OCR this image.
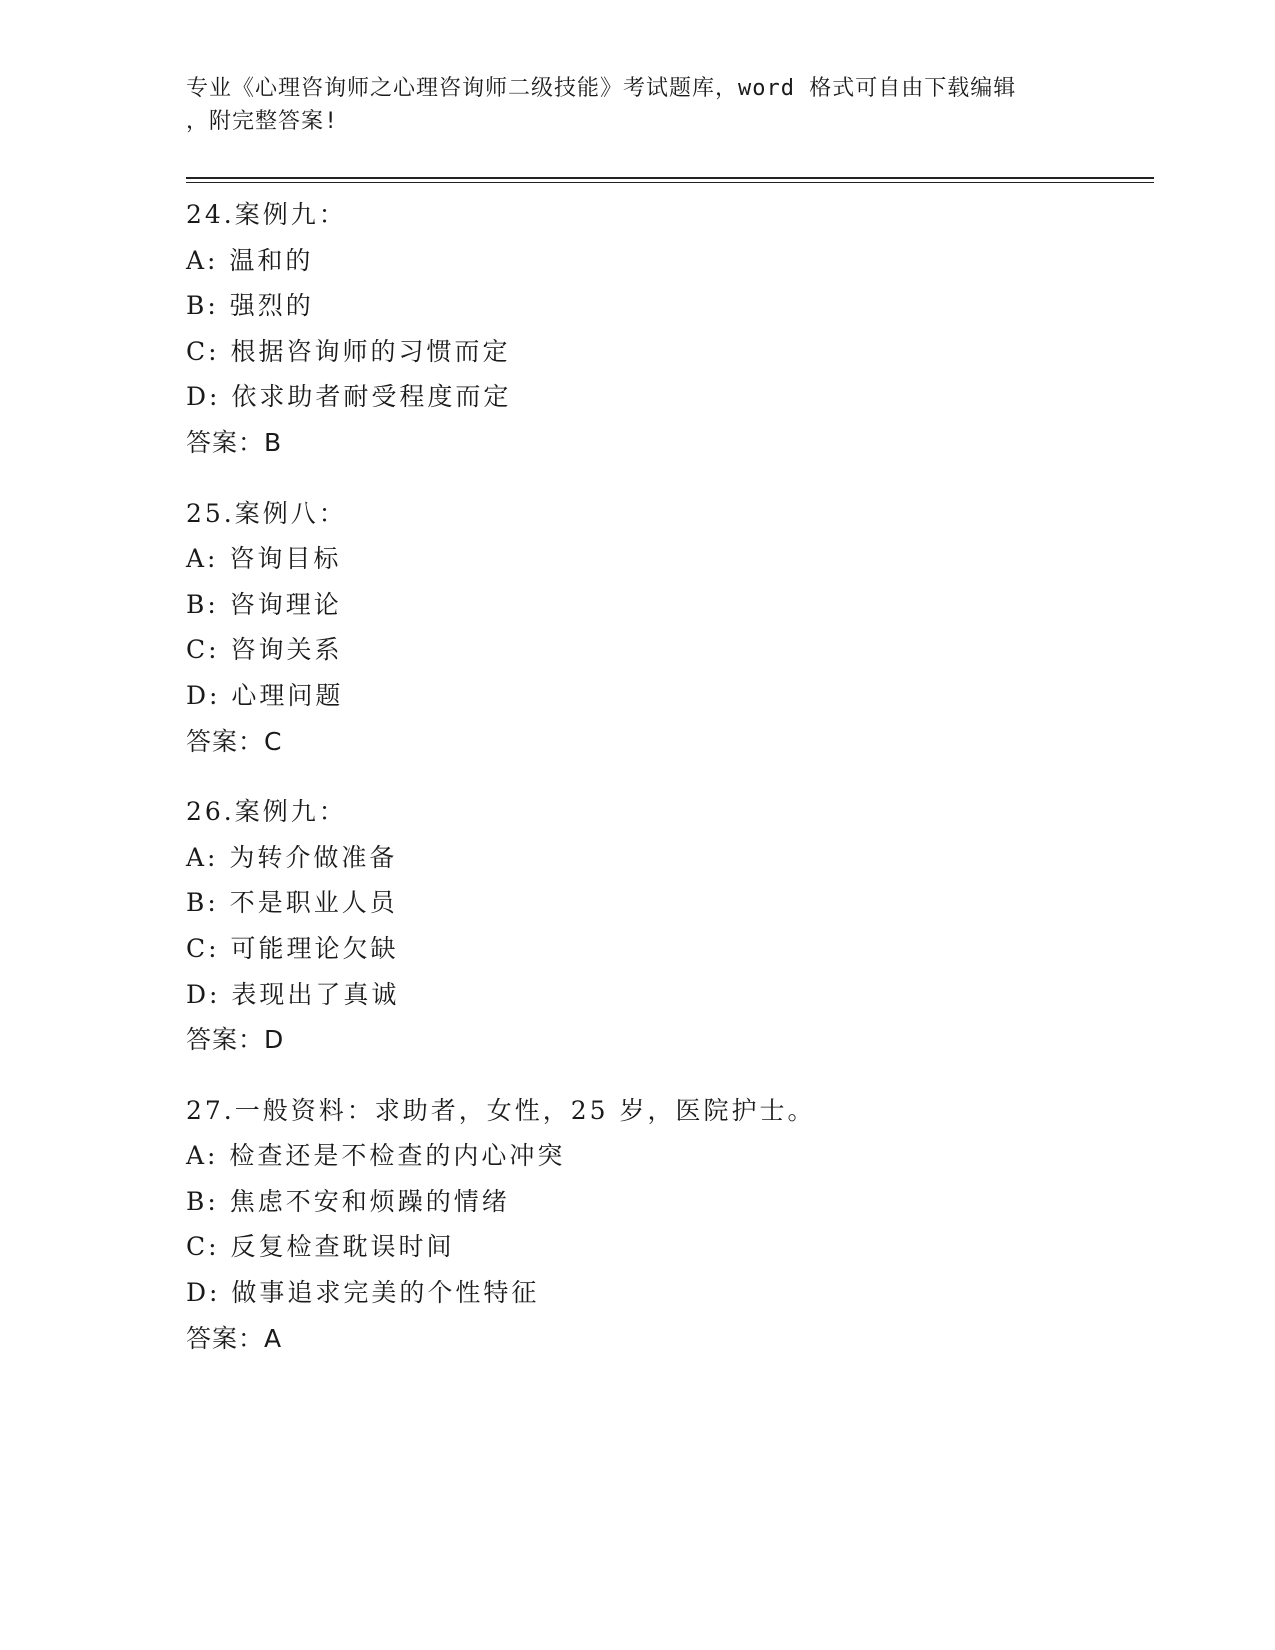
专业《心理咨询师之心理咨询师二级技能》考试题库，word 格式可自由下载编辑
，附完整答案!
24.案例九：
A: 温和的
B: 强烈的
C: 根据咨询师的习惯而定
D: 依求助者耐受程度而定
答案：B
25.案例八：
A: 咨询目标
B: 咨询理论
C: 咨询关系
D: 心理问题
答案：C
26.案例九：
A: 为转介做准备
B: 不是职业人员
C: 可能理论欠缺
D: 表现出了真诚
答案：D
27.一般资料：求助者，女性，25 岁，医院护士。
A: 检查还是不检查的内心冲突
B: 焦虑不安和烦躁的情绪
C: 反复检查耽误时间
D: 做事追求完美的个性特征
答案：A
